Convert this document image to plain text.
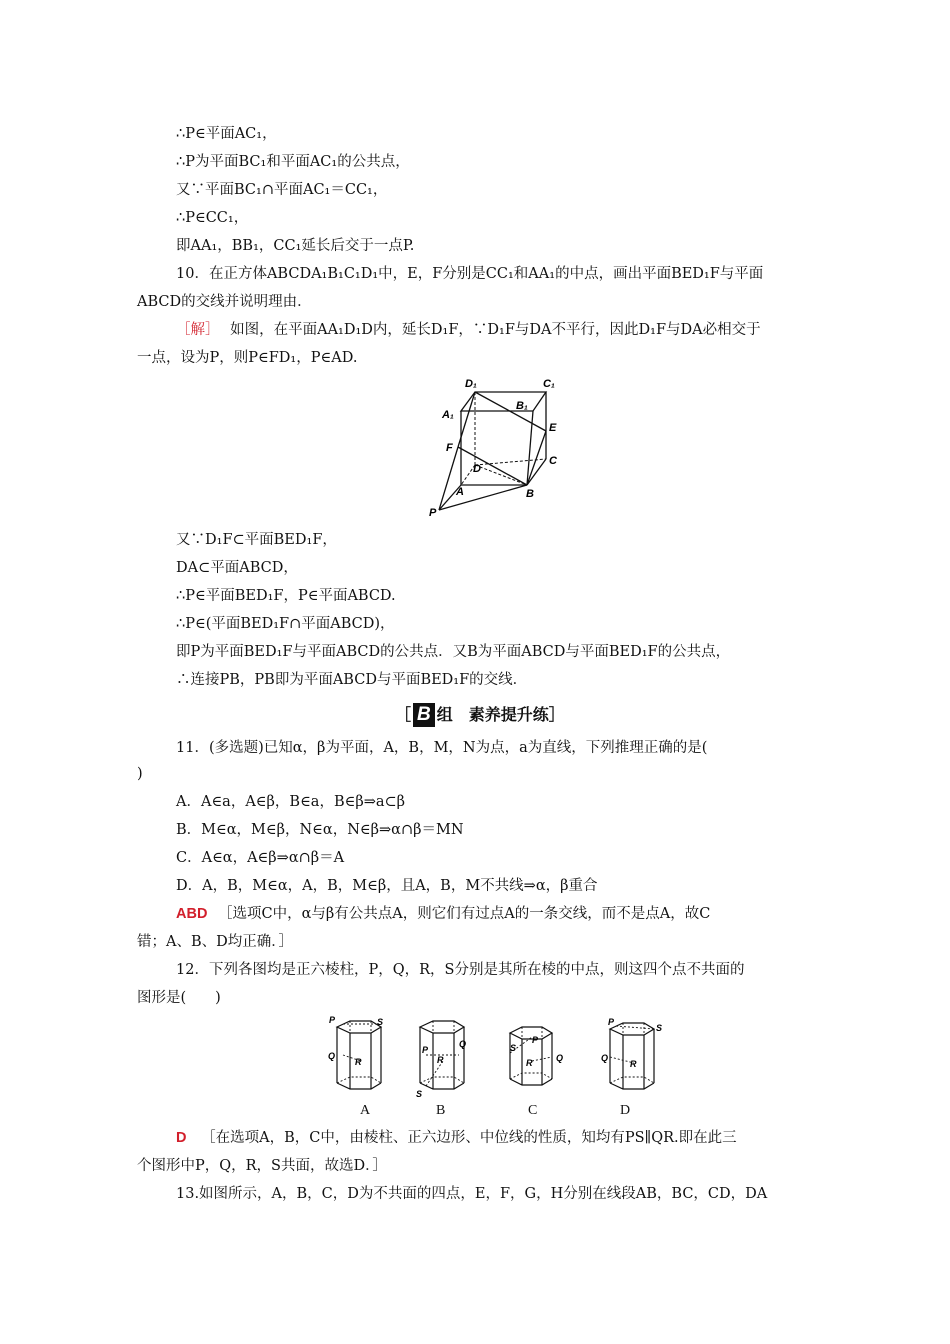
∴P∈平面AC₁，
∴P为平面BC₁和平面AC₁的公共点，
又∵平面BC₁∩平面AC₁＝CC₁，
∴P∈CC₁，
即AA₁，BB₁，CC₁延长后交于一点P.
10．在正方体ABCDA₁B₁C₁D₁中，E，F分别是CC₁和AA₁的中点，画出平面BED₁F与平面
ABCD的交线并说明理由．
［解］ 如图，在平面AA₁D₁D内，延长D₁F，∵D₁F与DA不平行，因此D₁F与DA必相交于
一点，设为P，则P∈FD₁，P∈AD.
D₁	C₁
A₁
B₁
E
F
C
D
A	B
P
又∵D₁F⊂平面BED₁F，
DA⊂平面ABCD，
∴P∈平面BED₁F，P∈平面ABCD.
∴P∈(平面BED₁F∩平面ABCD)，
即P为平面BED₁F与平面ABCD的公共点．又B为平面ABCD与平面BED₁F的公共点，
∴连接PB，PB即为平面ABCD与平面BED₁F的交线．
［ B 组　素养提升练］
11．(多选题)已知α，β为平面，A，B，M，N为点，a为直线，下列推理正确的是(
)
A．A∈a，A∈β，B∈a，B∈β⇒a⊂β
B．M∈α，M∈β，N∈α，N∈β⇒α∩β＝MN
C．A∈α，A∈β⇒α∩β＝A
D．A，B，M∈α，A，B，M∈β，且A，B，M不共线⇒α，β重合
ABD ［选项C中，α与β有公共点A，则它们有过点A的一条交线，而不是点A，故C
错；A、B、D均正确．］
12．下列各图均是正六棱柱，P，Q，R，S分别是其所在棱的中点，则这四个点不共面的
图形是(　　)
P	S
Q
R
P
S
Q
R
P
S
Q
R
P
S
Q
R
A	B	C	D
D ［在选项A，B，C中，由棱柱、正六边形、中位线的性质，知均有PS∥QR.即在此三
个图形中P，Q，R，S共面，故选D．］
13.如图所示，A，B，C，D为不共面的四点，E，F，G，H分别在线段AB，BC，CD，DA
